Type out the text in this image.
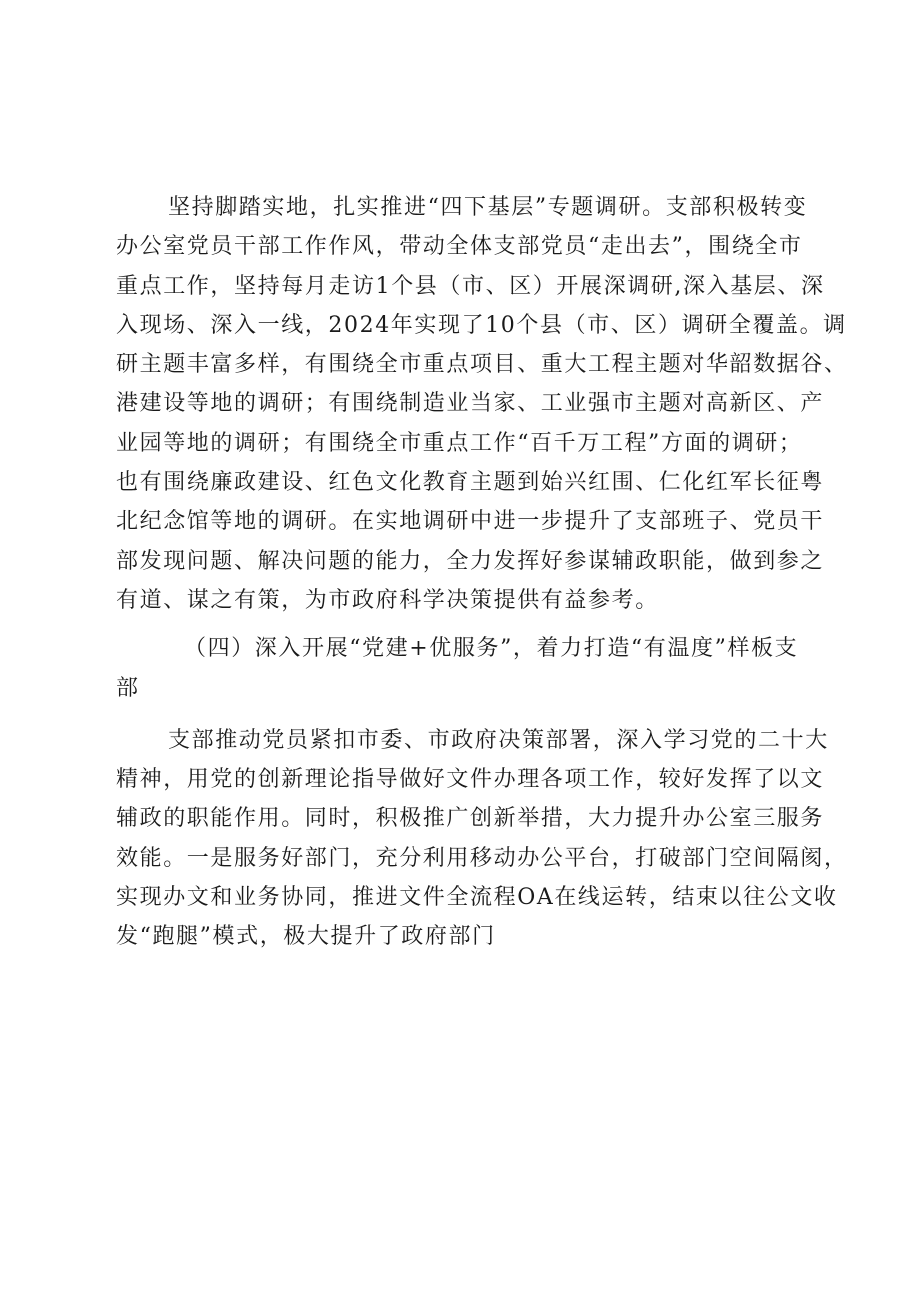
坚持脚踏实地，扎实推进“四下基层”专题调研。支部积极转变
办公室党员干部工作作风，带动全体支部党员“走出去”，围绕全市
重点工作，坚持每月走访1个县（市、区）开展深调研,深入基层、深
入现场、深入一线，2024年实现了10个县（市、区）调研全覆盖。调
研主题丰富多样，有围绕全市重点项目、重大工程主题对华韶数据谷、
港建设等地的调研；有围绕制造业当家、工业强市主题对高新区、产
业园等地的调研；有围绕全市重点工作“百千万工程”方面的调研；
也有围绕廉政建设、红色文化教育主题到始兴红围、仁化红军长征粤
北纪念馆等地的调研。在实地调研中进一步提升了支部班子、党员干
部发现问题、解决问题的能力，全力发挥好参谋辅政职能，做到参之
有道、谋之有策，为市政府科学决策提供有益参考。
（四）深入开展“党建+优服务”，着力打造“有温度”样板支
部
支部推动党员紧扣市委、市政府决策部署，深入学习党的二十大
精神，用党的创新理论指导做好文件办理各项工作，较好发挥了以文
辅政的职能作用。同时，积极推广创新举措，大力提升办公室三服务
效能。一是服务好部门，充分利用移动办公平台，打破部门空间隔阂，
实现办文和业务协同，推进文件全流程OA在线运转，结束以往公文收
发“跑腿”模式，极大提升了政府部门
